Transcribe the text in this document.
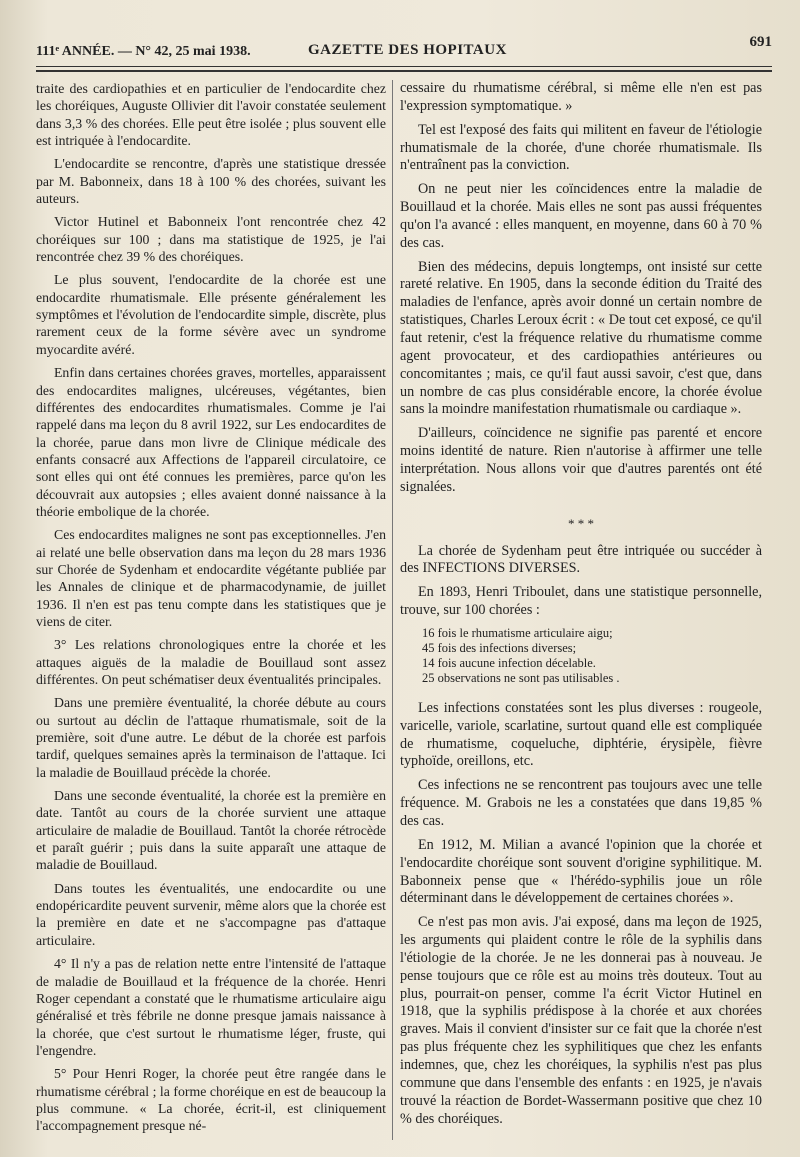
111ᵉ ANNÉE. — N° 42, 25 mai 1938.	GAZETTE DES HOPITAUX	691

traite des cardiopathies et en particulier de l'endocardite chez les choréiques, Auguste Ollivier dit l'avoir constatée seulement dans 3,3 % des chorées. Elle peut être isolée ; plus souvent elle est intriquée à l'endocardite.

L'endocardite se rencontre, d'après une statistique dressée par M. Babonneix, dans 18 à 100 % des chorées, suivant les auteurs.

Victor Hutinel et Babonneix l'ont rencontrée chez 42 choréiques sur 100 ; dans ma statistique de 1925, je l'ai rencontrée chez 39 % des choréiques.

Le plus souvent, l'endocardite de la chorée est une endocardite rhumatismale. Elle présente généralement les symptômes et l'évolution de l'endocardite simple, discrète, plus rarement ceux de la forme sévère avec un syndrome myocardite avéré.

Enfin dans certaines chorées graves, mortelles, apparaissent des endocardites malignes, ulcéreuses, végétantes, bien différentes des endocardites rhumatismales. Comme je l'ai rappelé dans ma leçon du 8 avril 1922, sur Les endocardites de la chorée, parue dans mon livre de Clinique médicale des enfants consacré aux Affections de l'appareil circulatoire, ce sont elles qui ont été connues les premières, parce qu'on les découvrait aux autopsies ; elles avaient donné naissance à la théorie embolique de la chorée.

Ces endocardites malignes ne sont pas exceptionnelles. J'en ai relaté une belle observation dans ma leçon du 28 mars 1936 sur Chorée de Sydenham et endocardite végétante publiée par les Annales de clinique et de pharmacodynamie, de juillet 1936. Il n'en est pas tenu compte dans les statistiques que je viens de citer.

3° Les relations chronologiques entre la chorée et les attaques aiguës de la maladie de Bouillaud sont assez différentes. On peut schématiser deux éventualités principales.

Dans une première éventualité, la chorée débute au cours ou surtout au déclin de l'attaque rhumatismale, soit de la première, soit d'une autre. Le début de la chorée est parfois tardif, quelques semaines après la terminaison de l'attaque. Ici la maladie de Bouillaud précède la chorée.

Dans une seconde éventualité, la chorée est la première en date. Tantôt au cours de la chorée survient une attaque articulaire de maladie de Bouillaud. Tantôt la chorée rétrocède et paraît guérir ; puis dans la suite apparaît une attaque de maladie de Bouillaud.

Dans toutes les éventualités, une endocardite ou une endopéricardite peuvent survenir, même alors que la chorée est la première en date et ne s'accompagne pas d'attaque articulaire.

4° Il n'y a pas de relation nette entre l'intensité de l'attaque de maladie de Bouillaud et la fréquence de la chorée. Henri Roger cependant a constaté que le rhumatisme articulaire aigu généralisé et très fébrile ne donne presque jamais naissance à la chorée, que c'est surtout le rhumatisme léger, fruste, qui l'engendre.

5° Pour Henri Roger, la chorée peut être rangée dans le rhumatisme cérébral ; la forme choréique en est de beaucoup la plus commune. « La chorée, écrit-il, est cliniquement l'accompagnement presque né-

cessaire du rhumatisme cérébral, si même elle n'en est pas l'expression symptomatique. »

Tel est l'exposé des faits qui militent en faveur de l'étiologie rhumatismale de la chorée, d'une chorée rhumatismale. Ils n'entraînent pas la conviction.

On ne peut nier les coïncidences entre la maladie de Bouillaud et la chorée. Mais elles ne sont pas aussi fréquentes qu'on l'a avancé : elles manquent, en moyenne, dans 60 à 70 % des cas.

Bien des médecins, depuis longtemps, ont insisté sur cette rareté relative. En 1905, dans la seconde édition du Traité des maladies de l'enfance, après avoir donné un certain nombre de statistiques, Charles Leroux écrit : « De tout cet exposé, ce qu'il faut retenir, c'est la fréquence relative du rhumatisme comme agent provocateur, et des cardiopathies antérieures ou concomitantes ; mais, ce qu'il faut aussi savoir, c'est que, dans un nombre de cas plus considérable encore, la chorée évolue sans la moindre manifestation rhumatismale ou cardiaque ».

D'ailleurs, coïncidence ne signifie pas parenté et encore moins identité de nature. Rien n'autorise à affirmer une telle interprétation. Nous allons voir que d'autres parentés ont été signalées.

* * *

La chorée de Sydenham peut être intriquée ou succéder à des INFECTIONS DIVERSES.

En 1893, Henri Triboulet, dans une statistique personnelle, trouve, sur 100 chorées :

16 fois le rhumatisme articulaire aigu;
45 fois des infections diverses;
14 fois aucune infection décelable.
25 observations ne sont pas utilisables .

Les infections constatées sont les plus diverses : rougeole, varicelle, variole, scarlatine, surtout quand elle est compliquée de rhumatisme, coqueluche, diphtérie, érysipèle, fièvre typhoïde, oreillons, etc.

Ces infections ne se rencontrent pas toujours avec une telle fréquence. M. Grabois ne les a constatées que dans 19,85 % des cas.

En 1912, M. Milian a avancé l'opinion que la chorée et l'endocardite choréique sont souvent d'origine syphilitique. M. Babonneix pense que « l'hérédo-syphilis joue un rôle déterminant dans le développement de certaines chorées ».

Ce n'est pas mon avis. J'ai exposé, dans ma leçon de 1925, les arguments qui plaident contre le rôle de la syphilis dans l'étiologie de la chorée. Je ne les donnerai pas à nouveau. Je pense toujours que ce rôle est au moins très douteux. Tout au plus, pourrait-on penser, comme l'a écrit Victor Hutinel en 1918, que la syphilis prédispose à la chorée et aux chorées graves. Mais il convient d'insister sur ce fait que la chorée n'est pas plus fréquente chez les syphilitiques que chez les enfants indemnes, que, chez les choréiques, la syphilis n'est pas plus commune que dans l'ensemble des enfants : en 1925, je n'avais trouvé la réaction de Bordet-Wassermann positive que chez 10 % des choréiques.
